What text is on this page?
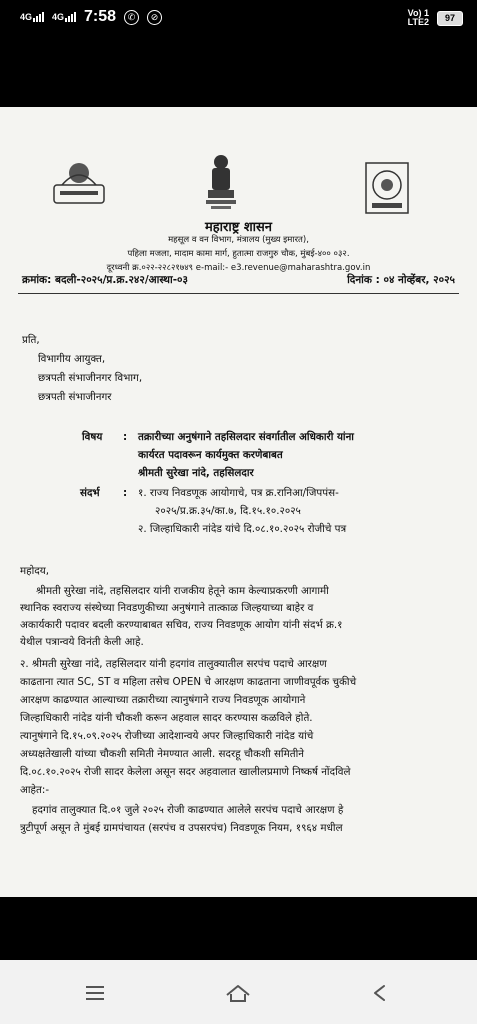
4G 4G 7:58	✆	⊘	Vo) 1
LTE2	97
महाराष्ट्र शासन
महसूल व वन विभाग, मंत्रालय (मुख्य इमारत),
पहिला मजला, मादाम कामा मार्ग, हुतात्मा राजगुरु चौक, मुंबई-४०० ०३२.
दूरध्वनी क्र.०२२-२२८२१७४९ e-mail:- e3.revenue@maharashtra.gov.in
क्रमांक: बदली-२०२५/प्र.क्र.२४२/आस्था-०३	दिनांक : ०४ नोव्हेंबर, २०२५
प्रति,
विभागीय आयुक्त,
छत्रपती संभाजीनगर विभाग,
छत्रपती संभाजीनगर
विषय : तक्रारीच्या अनुषंगाने तहसिलदार संवर्गातील अधिकारी यांना
कार्यरत पदावरून कार्यमुक्त करणेबाबत
श्रीमती सुरेखा नांदे, तहसिलदार
संदर्भ : १. राज्य निवडणूक आयोगाचे, पत्र क्र.रानिआ/जिपपंस-
२०२५/प्र.क्र.३५/का.७, दि.१५.१०.२०२५
२. जिल्हाधिकारी नांदेड यांचे दि.०८.१०.२०२५ रोजीचे पत्र
महोदय,
श्रीमती सुरेखा नांदे, तहसिलदार यांनी राजकीय हेतूने काम केल्याप्रकरणी आगामी
स्थानिक स्वराज्य संस्थेच्या निवडणुकीच्या अनुषंगाने तात्काळ जिल्हयाच्या बाहेर व
अकार्यकारी पदावर बदली करण्याबाबत सचिव, राज्य निवडणूक आयोग यांनी संदर्भ क्र.१
येथील पत्रान्वये विनंती केली आहे.
२. श्रीमती सुरेखा नांदे, तहसिलदार यांनी हदगांव तालुक्यातील सरपंच पदाचे आरक्षण
काढताना त्यात SC, ST व महिला तसेच OPEN चे आरक्षण काढताना जाणीवपूर्वक चुकीचे
आरक्षण काढण्यात आल्याच्या तक्रारीच्या त्यानुषंगाने राज्य निवडणूक आयोगाने
जिल्हाधिकारी नांदेड यांनी चौकशी करून अहवाल सादर करण्यास कळविले होते.
त्यानुषंगाने दि.१५.०९.२०२५ रोजीच्या आदेशान्वये अपर जिल्हाधिकारी नांदेड यांचे
अध्यक्षतेखाली यांच्या चौकशी समिती नेमण्यात आली. सदरहू चौकशी समितीने
दि.०८.१०.२०२५ रोजी सादर केलेला असून सदर अहवालात खालीलप्रमाणे निष्कर्ष नोंदविले
आहेत:-
हदगांव तालुक्यात दि.०१ जुले २०२५ रोजी काढण्यात आलेले सरपंच पदाचे आरक्षण हे
त्रुटीपूर्ण असून ते मुंबई ग्रामपंचायत (सरपंच व उपसरपंच) निवडणूक नियम, १९६४ मधील
